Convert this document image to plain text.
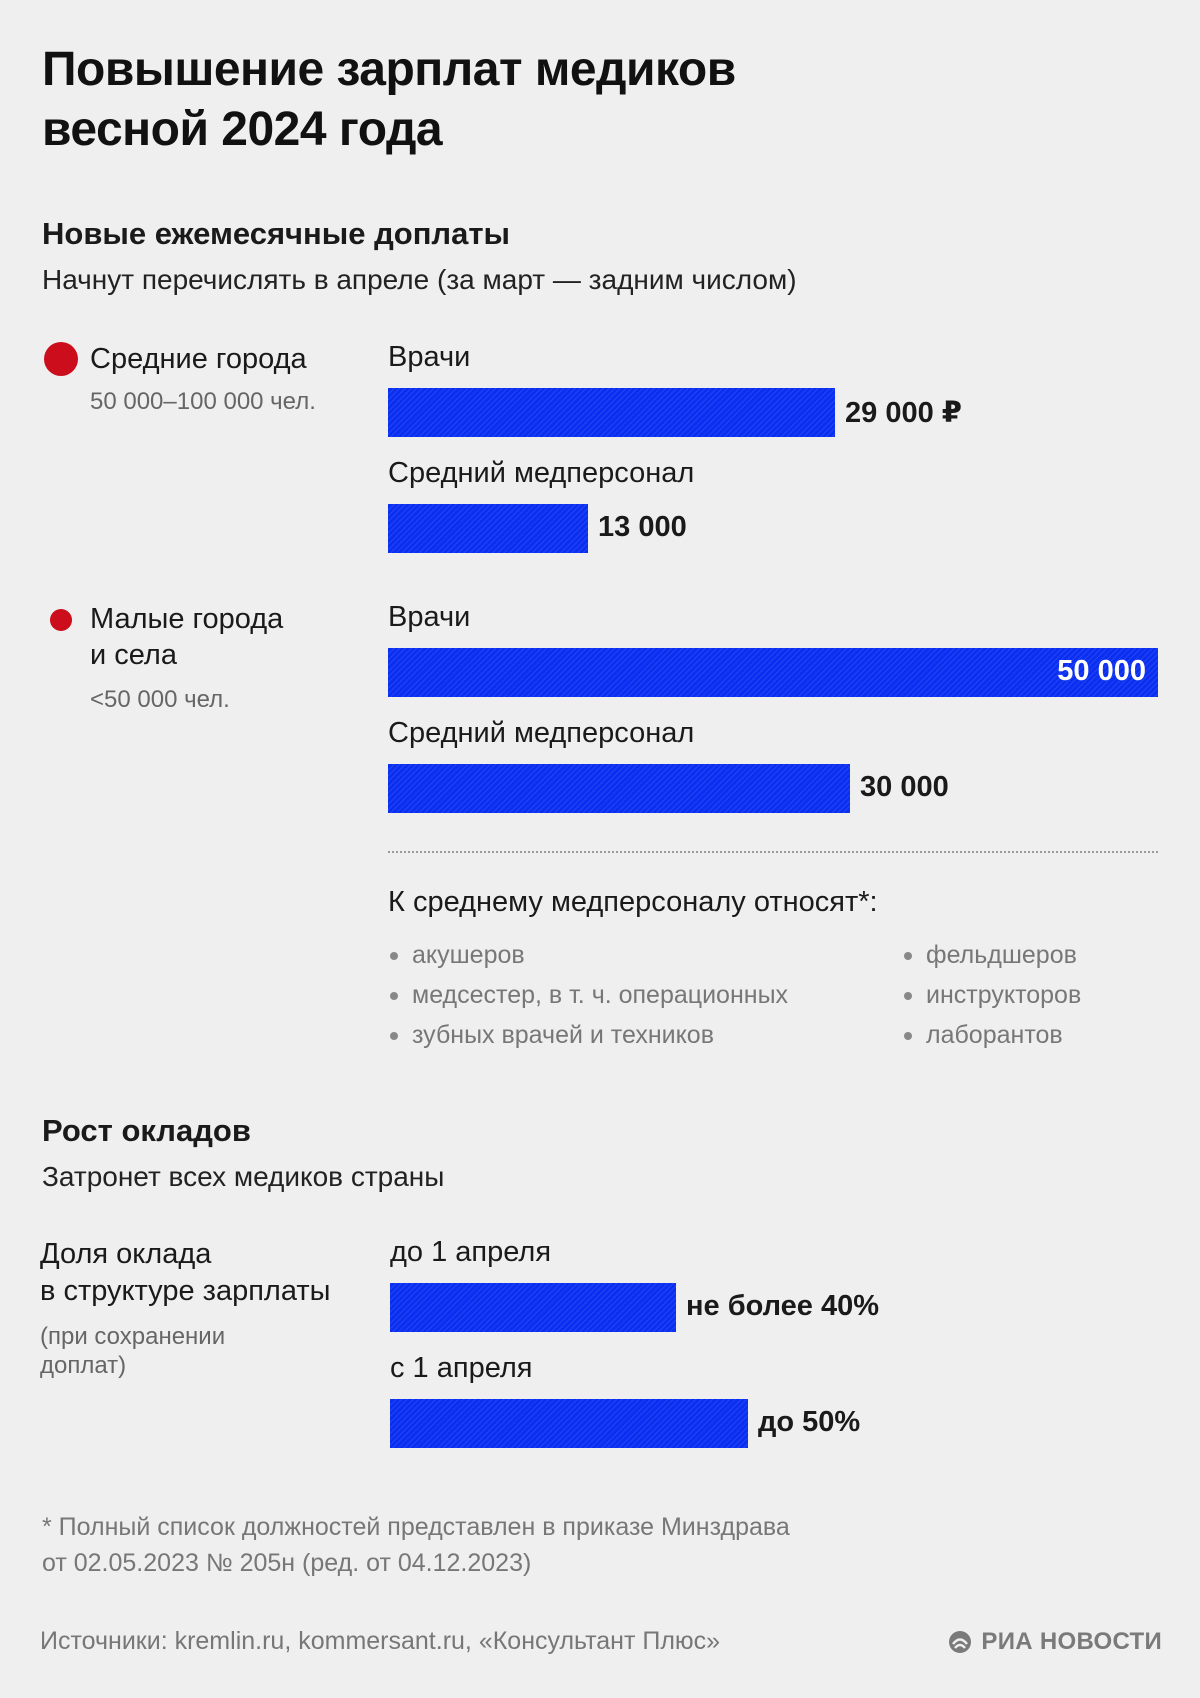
Повышение зарплат медиков
весной 2024 года
Новые ежемесячные доплаты
Начнут перечислять в апреле (за март — задним числом)
Средние города
50 000–100 000 чел.
Врачи
29 000 ₽
Средний медперсонал
13 000
Малые города
и села
<50 000 чел.
Врачи
50 000
Средний медперсонал
30 000
К среднему медперсоналу относят*:
акушеров
медсестер, в т. ч. операционных
зубных врачей и техников
фельдшеров
инструкторов
лаборантов
Рост окладов
Затронет всех медиков страны
Доля оклада
в структуре зарплаты
(при сохранении
доплат)
до 1 апреля
не более 40%
с 1 апреля
до 50%
* Полный список должностей представлен в приказе Минздрава
от 02.05.2023 № 205н (ред. от 04.12.2023)
Источники: kremlin.ru, kommersant.ru, «Консультант Плюс»	РИА НОВОСТИ
